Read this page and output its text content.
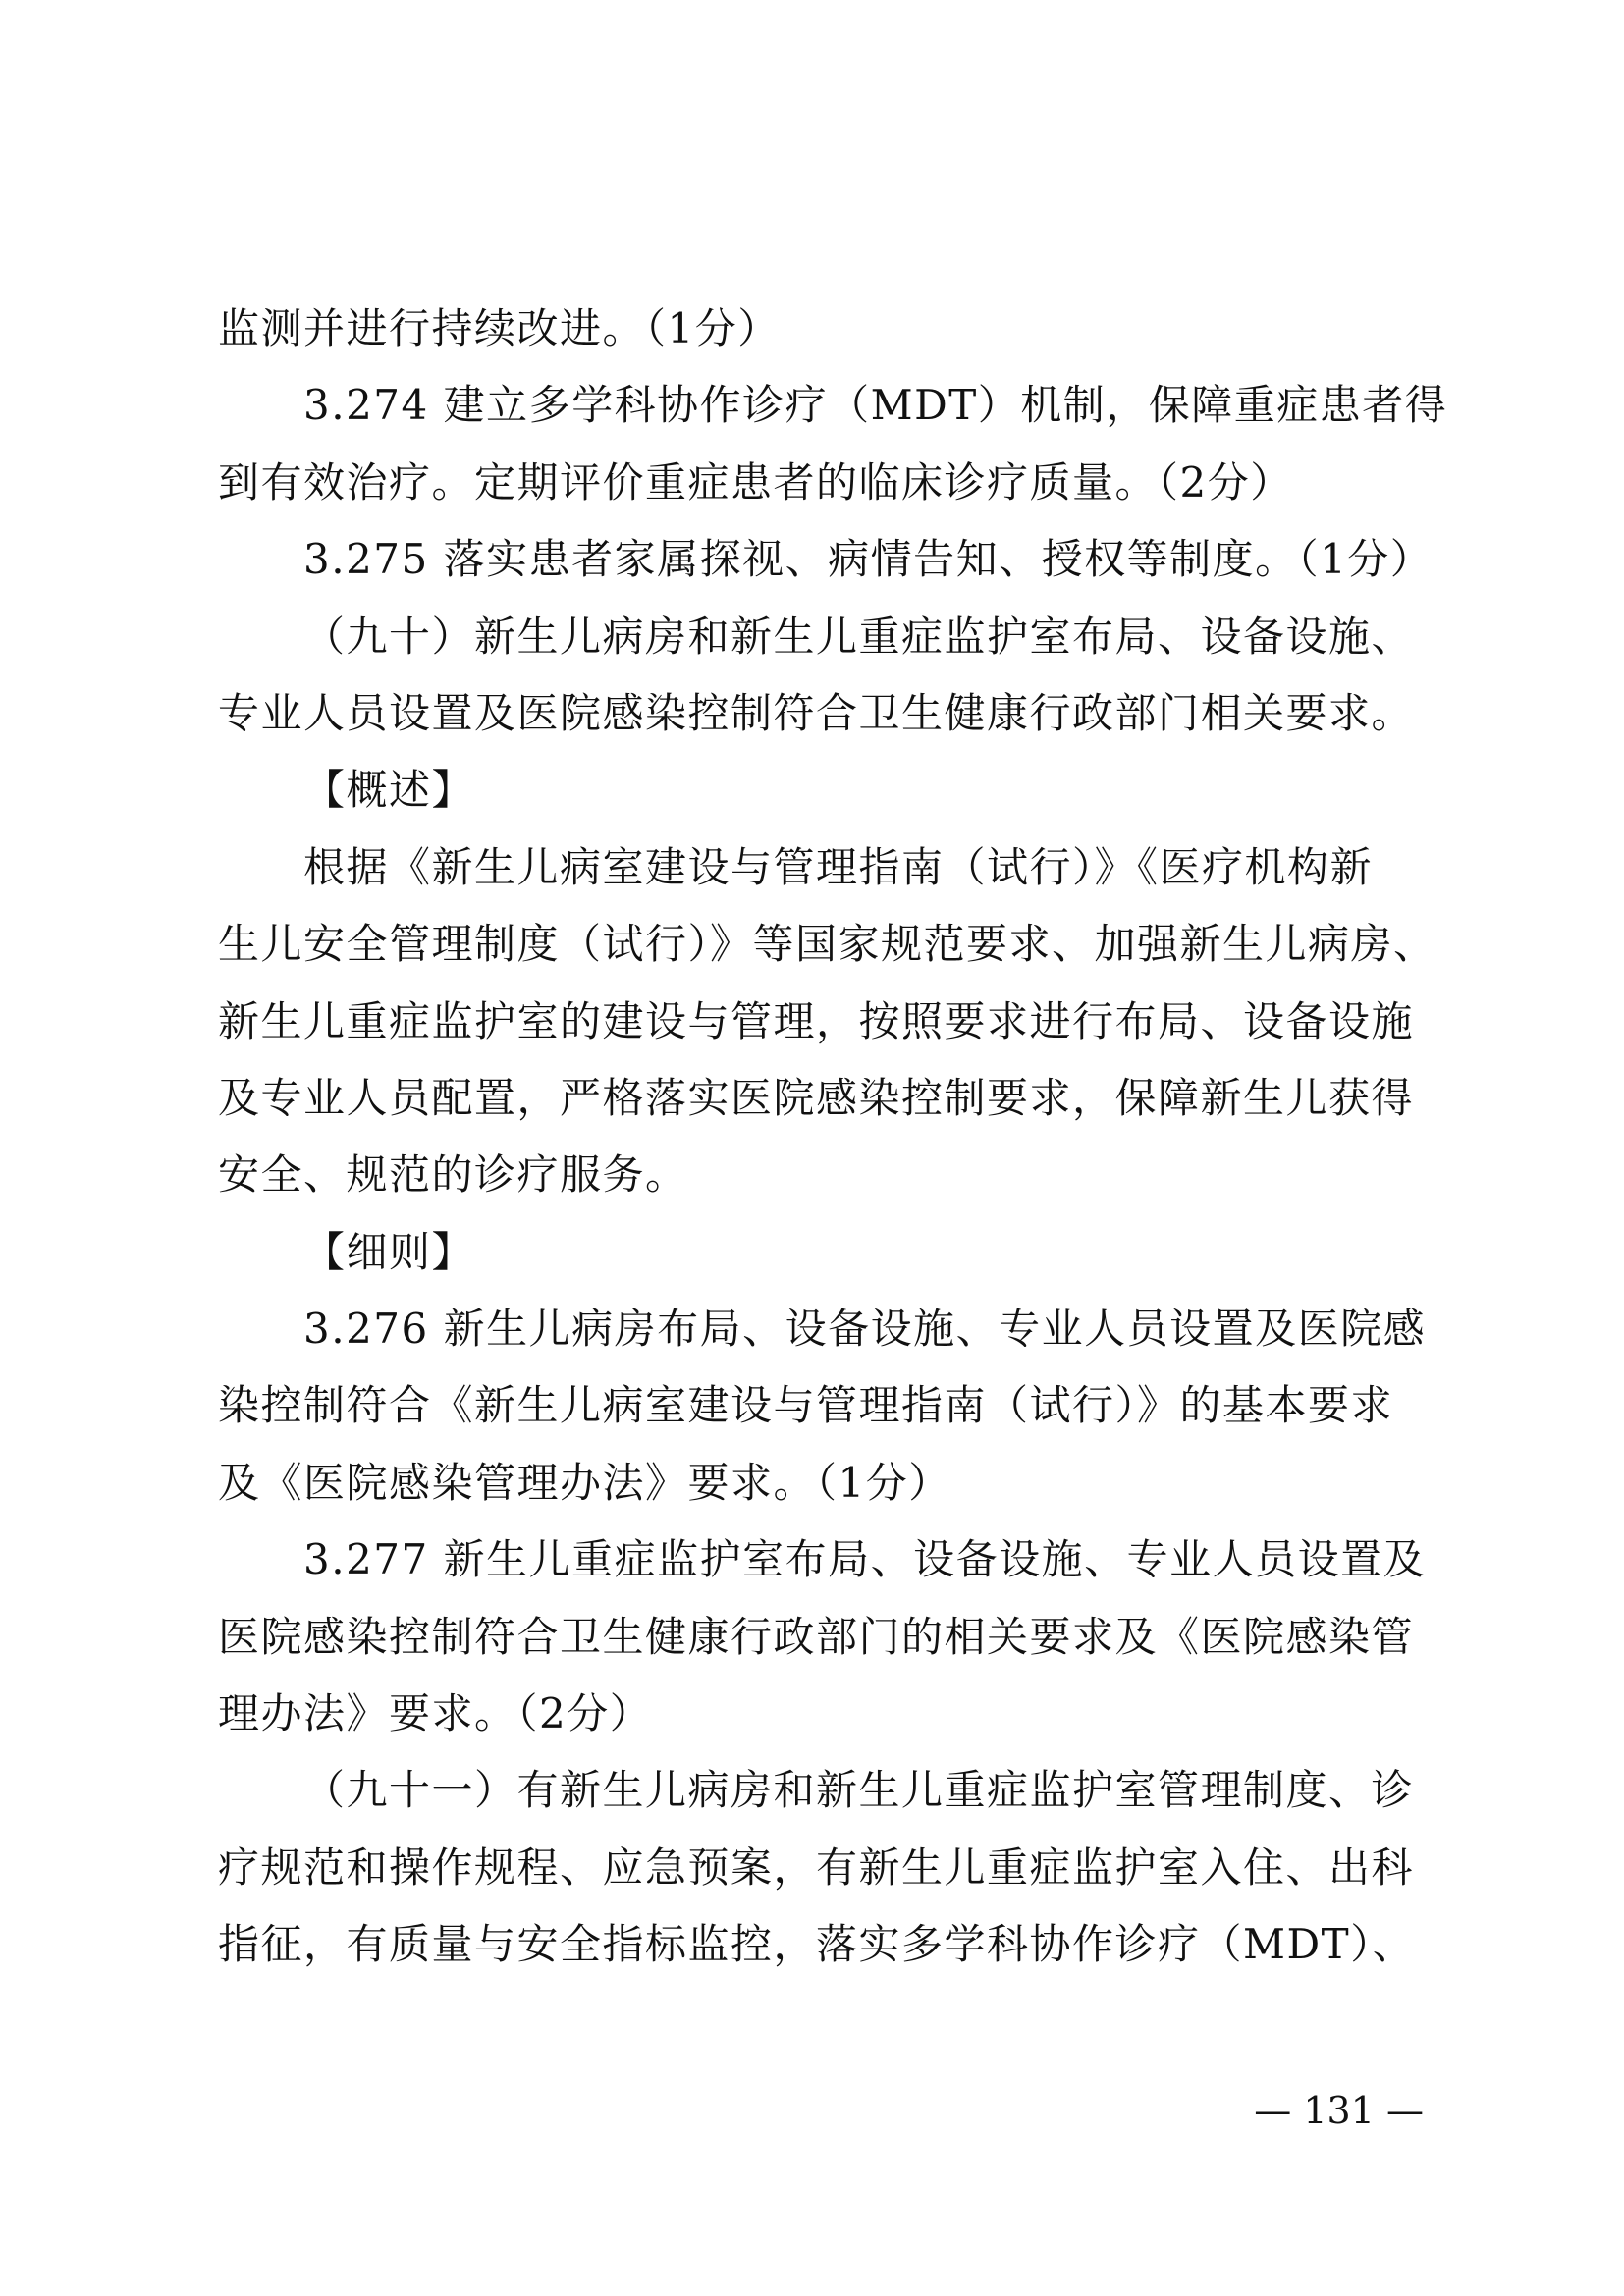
监测并进行持续改进。（1分）
3.274 建立多学科协作诊疗（MDT）机制，保障重症患者得
到有效治疗。定期评价重症患者的临床诊疗质量。（2分）
3.275 落实患者家属探视、病情告知、授权等制度。（1分）
（九十）新生儿病房和新生儿重症监护室布局、设备设施、
专业人员设置及医院感染控制符合卫生健康行政部门相关要求。
【概述】
根据《新生儿病室建设与管理指南（试行）》《医疗机构新
生儿安全管理制度（试行）》等国家规范要求、加强新生儿病房、
新生儿重症监护室的建设与管理，按照要求进行布局、设备设施
及专业人员配置，严格落实医院感染控制要求，保障新生儿获得
安全、规范的诊疗服务。
【细则】
3.276 新生儿病房布局、设备设施、专业人员设置及医院感
染控制符合《新生儿病室建设与管理指南（试行）》的基本要求
及《医院感染管理办法》要求。（1分）
3.277 新生儿重症监护室布局、设备设施、专业人员设置及
医院感染控制符合卫生健康行政部门的相关要求及《医院感染管
理办法》要求。（2分）
（九十一）有新生儿病房和新生儿重症监护室管理制度、诊
疗规范和操作规程、应急预案，有新生儿重症监护室入住、出科
指征，有质量与安全指标监控，落实多学科协作诊疗（MDT）、
— 131 —
